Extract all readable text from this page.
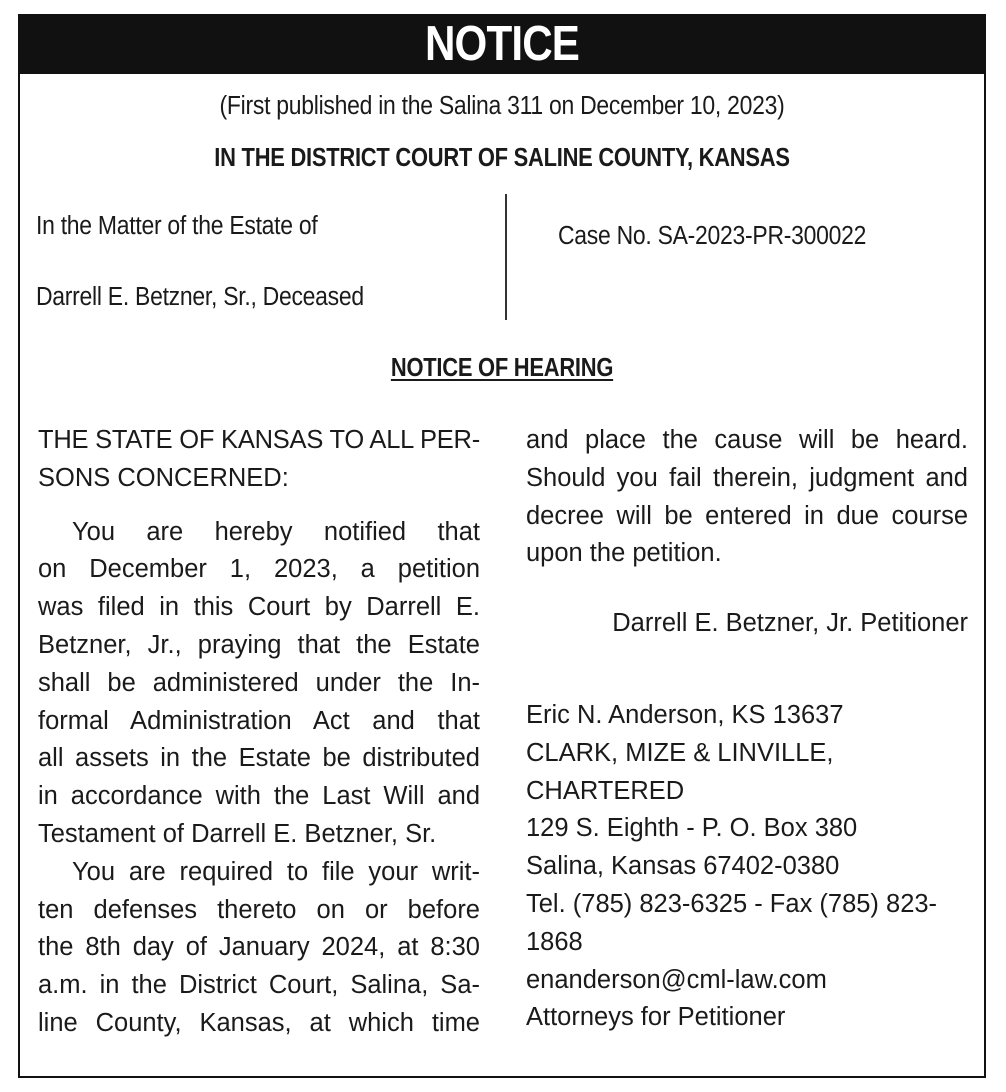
NOTICE
(First published in the Salina 311 on December 10, 2023)
IN THE DISTRICT COURT OF SALINE COUNTY, KANSAS
In the Matter of the Estate of
Darrell E. Betzner, Sr., Deceased
Case No. SA-2023-PR-300022
NOTICE OF HEARING
THE STATE OF KANSAS TO ALL PER-
SONS CONCERNED:
You are hereby notified that
on December 1, 2023, a petition
was filed in this Court by Darrell E.
Betzner, Jr., praying that the Estate
shall be administered under the In-
formal Administration Act and that
all assets in the Estate be distributed
in accordance with the Last Will and
Testament of Darrell E. Betzner, Sr.
You are required to file your writ-
ten defenses thereto on or before
the 8th day of January 2024, at 8:30
a.m. in the District Court, Salina, Sa-
line County, Kansas, at which time
and place the cause will be heard.
Should you fail therein, judgment and
decree will be entered in due course
upon the petition.
Darrell E. Betzner, Jr. Petitioner
Eric N. Anderson, KS 13637
CLARK, MIZE & LINVILLE,
CHARTERED
129 S. Eighth - P. O. Box 380
Salina, Kansas 67402-0380
Tel. (785) 823-6325 - Fax (785) 823-
1868
enanderson@cml-law.com
Attorneys for Petitioner
